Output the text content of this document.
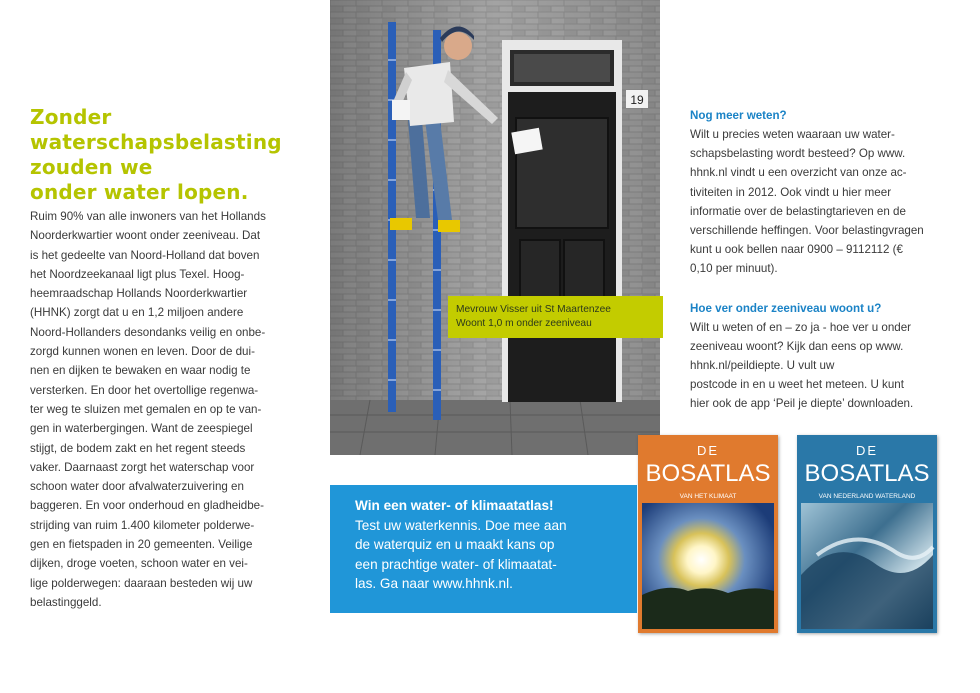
Zonder
waterschapsbelasting
zouden we
onder water lopen.

Ruim 90% van alle inwoners van het Hollands
Noorderkwartier woont onder zeeniveau. Dat
is het gedeelte van Noord-Holland dat boven
het Noordzeekanaal ligt plus Texel. Hoog-
heemraadschap Hollands Noorderkwartier
(HHNK) zorgt dat u en 1,2 miljoen andere
Noord-Hollanders desondanks veilig en onbe-
zorgd kunnen wonen en leven. Door de dui-
nen en dijken te bewaken en waar nodig te
versterken. En door het overtollige regenwa-
ter weg te sluizen met gemalen en op te van-
gen in waterbergingen. Want de zeespiegel
stijgt, de bodem zakt en het regent steeds
vaker. Daarnaast zorgt het waterschap voor
schoon water door afvalwaterzuivering en
baggeren. En voor onderhoud en gladheidbe-
strijding van ruim 1.400 kilometer polderwe-
gen en fietspaden in 20 gemeenten. Veilige
dijken, droge voeten, schoon water en vei-
lige polderwegen: daaraan besteden wij uw
belastinggeld.

19
Mevrouw Visser uit St Maartenzee
Woont 1,0 m onder zeeniveau
Nog meer weten?

Wilt u precies weten waaraan uw water-
schapsbelasting wordt besteed? Op www.
hhnk.nl vindt u een overzicht van onze ac-
tiviteiten in 2012. Ook vindt u hier meer
informatie over de belastingtarieven en de
verschillende heffingen. Voor belastingvragen
kunt u ook bellen naar 0900 – 9112112 (€
0,10 per minuut).

Hoe ver onder zeeniveau woont u?

Wilt u weten of en – zo ja - hoe ver u onder
zeeniveau woont? Kijk dan eens op www.
hhnk.nl/peildiepte. U vult uw
postcode in en u weet het meteen. U kunt
hier ook de app ‘Peil je diepte’ downloaden.

Win een water- of klimaatatlas!
Test uw waterkennis. Doe mee aan
de waterquiz en u maakt kans op
een prachtige water- of klimaatat-
las. Ga naar www.hhnk.nl.
DE
BOSATLAS
VAN HET KLIMAAT
DE
BOSATLAS
VAN NEDERLAND WATERLAND
